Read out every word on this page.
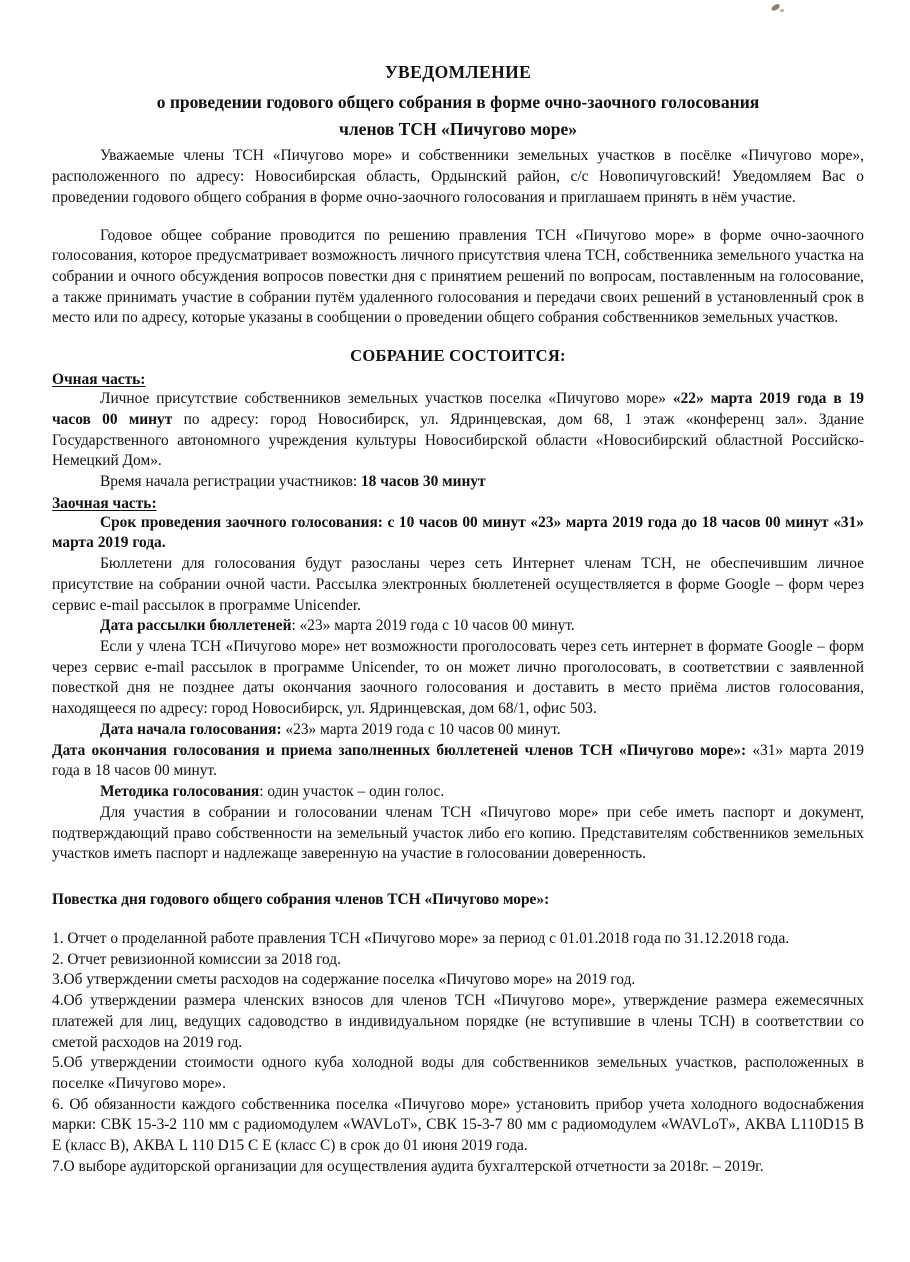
УВЕДОМЛЕНИЕ
о проведении годового общего собрания в форме очно-заочного голосования
членов ТСН «Пичугово море»

Уважаемые члены ТСН «Пичугово море» и собственники земельных участков в посёлке «Пичугово море», расположенного по адресу: Новосибирская область, Ордынский район, с/с Новопичуговский! Уведомляем Вас о проведении годового общего собрания в форме очно-заочного голосования и приглашаем принять в нём участие.

Годовое общее собрание проводится по решению правления ТСН «Пичугово море» в форме очно-заочного голосования, которое предусматривает возможность личного присутствия члена ТСН, собственника земельного участка на собрании и очного обсуждения вопросов повестки дня с принятием решений по вопросам, поставленным на голосование, а также принимать участие в собрании путём удаленного голосования и передачи своих решений в установленный срок в место или по адресу, которые указаны в сообщении о проведении общего собрания собственников земельных участков.

СОБРАНИЕ СОСТОИТСЯ:
Очная часть:

Личное присутствие собственников земельных участков поселка «Пичугово море» «22» марта 2019 года в 19 часов 00 минут по адресу: город Новосибирск, ул. Ядринцевская, дом 68, 1 этаж «конференц зал». Здание Государственного автономного учреждения культуры Новосибирской области «Новосибирский областной Российско-Немецкий Дом».

Время начала регистрации участников: 18 часов 30 минут

Заочная часть:

Срок проведения заочного голосования: с 10 часов 00 минут «23» марта 2019 года до 18 часов 00 минут «31» марта 2019 года.

Бюллетени для голосования будут разосланы через сеть Интернет членам ТСН, не обеспечившим личное присутствие на собрании очной части. Рассылка электронных бюллетеней осуществляется в форме Google – форм через сервис e-mail рассылок в программе Unicender.

Дата рассылки бюллетеней: «23» марта 2019 года с 10 часов 00 минут.

Если у члена ТСН «Пичугово море» нет возможности проголосовать через сеть интернет в формате Google – форм через сервис e-mail рассылок в программе Unicender, то он может лично проголосовать, в соответствии с заявленной повесткой дня не позднее даты окончания заочного голосования и доставить в место приёма листов голосования, находящееся по адресу: город Новосибирск, ул. Ядринцевская, дом 68/1, офис 503.

Дата начала голосования: «23» марта 2019 года с 10 часов 00 минут.

Дата окончания голосования и приема заполненных бюллетеней членов ТСН «Пичугово море»: «31» марта 2019 года в 18 часов 00 минут.

Методика голосования: один участок – один голос.

Для участия в собрании и голосовании членам ТСН «Пичугово море» при себе иметь паспорт и документ, подтверждающий право собственности на земельный участок либо его копию. Представителям собственников земельных участков иметь паспорт и надлежаще заверенную на участие в голосовании доверенность.

Повестка дня годового общего собрания членов ТСН «Пичугово море»:
1. Отчет о проделанной работе правления ТСН «Пичугово море» за период с 01.01.2018 года по 31.12.2018 года.
2. Отчет ревизионной комиссии за 2018 год.
3.Об утверждении сметы расходов на содержание поселка «Пичугово море» на 2019 год.
4.Об утверждении размера членских взносов для членов ТСН «Пичугово море», утверждение размера ежемесячных платежей для лиц, ведущих садоводство в индивидуальном порядке (не вступившие в члены ТСН) в соответствии со сметой расходов на 2019 год.
5.Об утверждении стоимости одного куба холодной воды для собственников земельных участков, расположенных в поселке «Пичугово море».
6. Об обязанности каждого собственника поселка «Пичугово море» установить прибор учета холодного водоснабжения марки: СВК 15-3-2 110 мм с радиомодулем «WAVLoT», СВК 15-3-7 80 мм с радиомодулем «WAVLoT», АКВА L110D15 В Е (класс В), АКВА L 110 D15 С Е (класс С) в срок до 01 июня 2019 года.
7.О выборе аудиторской организации для осуществления аудита бухгалтерской отчетности за 2018г. – 2019г.
